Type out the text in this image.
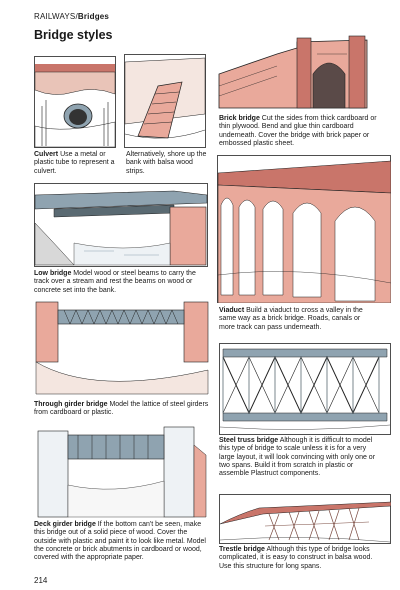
RAILWAYS/Bridges
Bridge styles
Culvert Use a metal or plastic tube to represent a culvert.
Alternatively, shore up the bank with balsa wood strips.
Brick bridge Cut the sides from thick cardboard or thin plywood. Bend and glue thin cardboard underneath. Cover the bridge with brick paper or embossed plastic sheet.
Low bridge Model wood or steel beams to carry the track over a stream and rest the beams on wood or concrete set into the bank.
Viaduct Build a viaduct to cross a valley in the same way as a brick bridge. Roads, canals or more track can pass underneath.
Through girder bridge Model the lattice of steel girders from cardboard or plastic.
Steel truss bridge Although it is difficult to model this type of bridge to scale unless it is for a very large layout, it will look convincing with only one or two spans. Build it from scratch in plastic or assemble Plastruct components.
Deck girder bridge If the bottom can't be seen, make this bridge out of a solid piece of wood. Cover the outside with plastic and paint it to look like metal. Model the concrete or brick abutments in cardboard or wood, covered with the appropriate paper.
Trestle bridge Although this type of bridge looks complicated, it is easy to construct in balsa wood. Use this structure for long spans.
214
